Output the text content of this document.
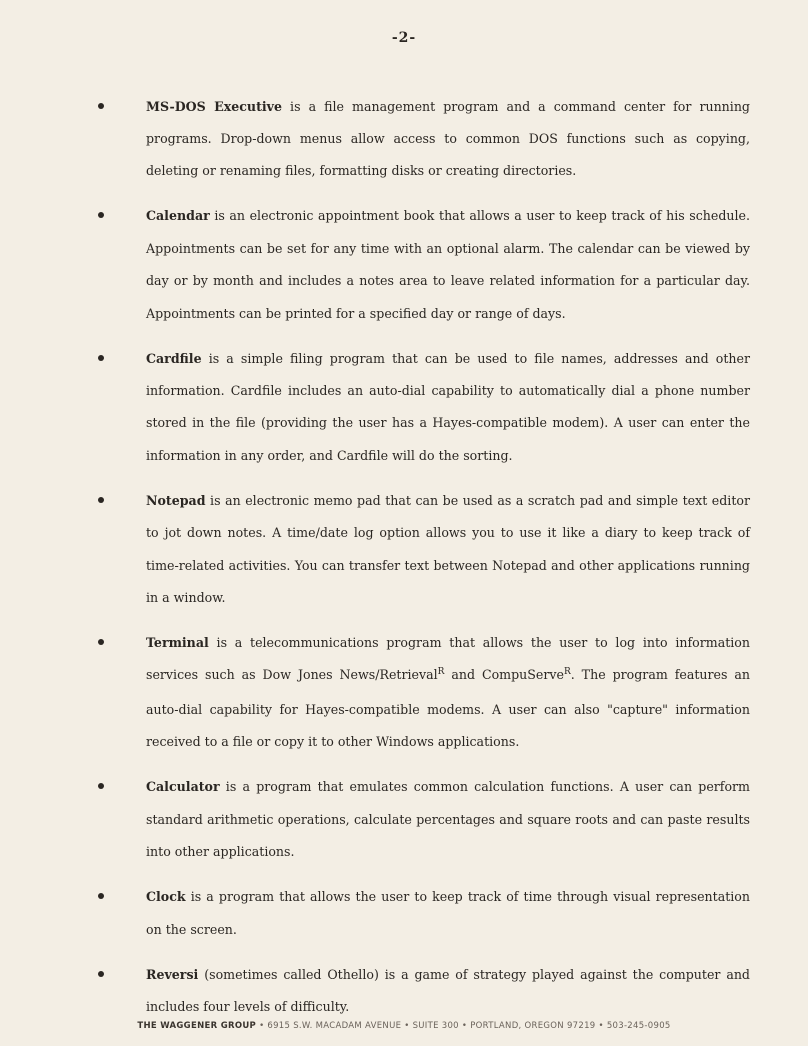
-2-

MS-DOS Executive is a file management program and a command center for running programs. Drop-down menus allow access to common DOS functions such as copying, deleting or renaming files, formatting disks or creating directories.

Calendar is an electronic appointment book that allows a user to keep track of his schedule. Appointments can be set for any time with an optional alarm. The calendar can be viewed by day or by month and includes a notes area to leave related information for a particular day. Appointments can be printed for a specified day or range of days.

Cardfile is a simple filing program that can be used to file names, addresses and other information. Cardfile includes an auto-dial capability to automatically dial a phone number stored in the file (providing the user has a Hayes-compatible modem). A user can enter the information in any order, and Cardfile will do the sorting.

Notepad is an electronic memo pad that can be used as a scratch pad and simple text editor to jot down notes. A time/date log option allows you to use it like a diary to keep track of time-related activities. You can transfer text between Notepad and other applications running in a window.

Terminal is a telecommunications program that allows the user to log into information services such as Dow Jones News/Retrieval$^R$ and CompuServe$^R$. The program features an auto-dial capability for Hayes-compatible modems. A user can also "capture" information received to a file or copy it to other Windows applications.

Calculator is a program that emulates common calculation functions. A user can perform standard arithmetic operations, calculate percentages and square roots and can paste results into other applications.

Clock is a program that allows the user to keep track of time through visual representation on the screen.

Reversi (sometimes called Othello) is a game of strategy played against the computer and includes four levels of difficulty.

THE WAGGENER GROUP • 6915 S.W. MACADAM AVENUE • SUITE 300 • PORTLAND, OREGON 97219 • 503-245-0905
